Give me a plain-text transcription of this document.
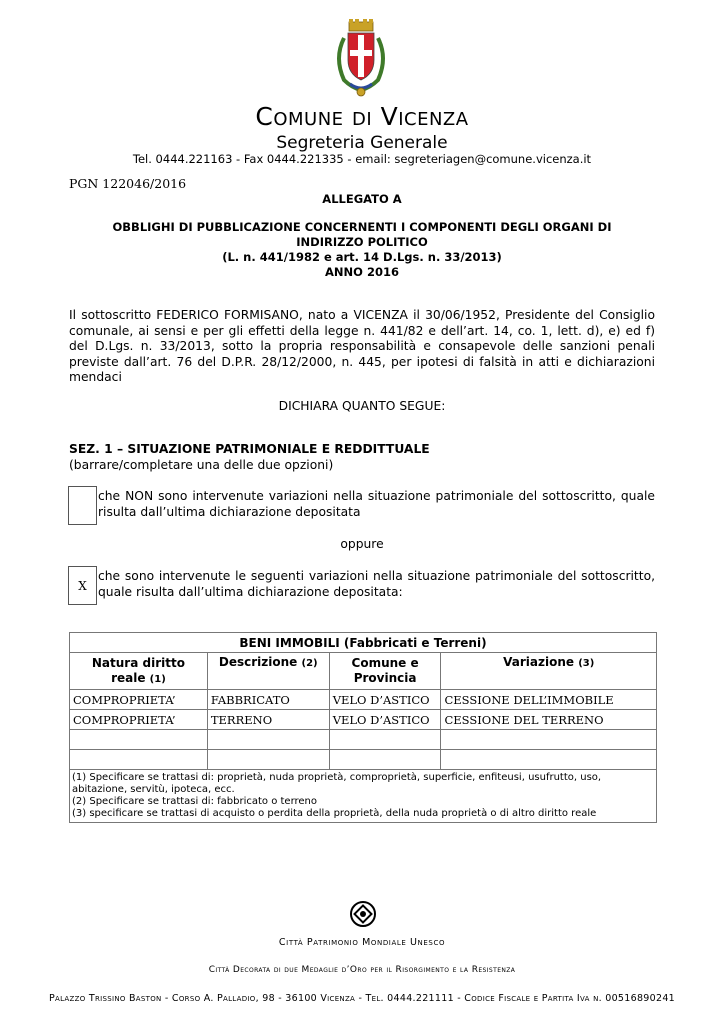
Comune di Vicenza
Segreteria Generale
Tel. 0444.221163 - Fax 0444.221335 - email: segreteriagen@comune.vicenza.it
PGN 122046/2016
ALLEGATO A
OBBLIGHI DI PUBBLICAZIONE CONCERNENTI I COMPONENTI DEGLI ORGANI DI
INDIRIZZO POLITICO
(L. n. 441/1982 e art. 14 D.Lgs. n. 33/2013)
ANNO 2016
Il sottoscritto FEDERICO FORMISANO, nato a VICENZA il 30/06/1952, Presidente del Consiglio comunale, ai sensi e per gli effetti della legge n. 441/82 e dell’art. 14, co. 1, lett. d), e) ed f) del D.Lgs. n. 33/2013, sotto la propria responsabilità e consapevole delle sanzioni penali previste dall’art. 76 del D.P.R. 28/12/2000, n. 445, per ipotesi di falsità in atti e dichiarazioni mendaci
DICHIARA QUANTO SEGUE:
SEZ. 1 – SITUAZIONE PATRIMONIALE E REDDITTUALE
(barrare/completare una delle due opzioni)
che NON sono intervenute variazioni nella situazione patrimoniale del sottoscritto, quale risulta dall’ultima dichiarazione depositata
oppure
X
che sono intervenute le seguenti variazioni nella situazione patrimoniale del sottoscritto, quale risulta dall’ultima dichiarazione depositata:
BENI IMMOBILI (Fabbricati e Terreni)			
Natura diritto reale (1)	Descrizione (2)	Comune e Provincia	Variazione (3)
COMPROPRIETA’	FABBRICATO	VELO D’ASTICO	CESSIONE DELL’IMMOBILE
COMPROPRIETA’	TERRENO	VELO D’ASTICO	CESSIONE DEL TERRENO

(1) Specificare se trattasi di: proprietà, nuda proprietà, comproprietà, superficie, enfiteusi, usufrutto, uso, abitazione, servitù, ipoteca, ecc.
(2) Specificare se trattasi di: fabbricato o terreno
(3) specificare se trattasi di acquisto o perdita della proprietà, della nuda proprietà o di altro diritto reale			
Città Patrimonio Mondiale Unesco
Città Decorata di due Medaglie d’Oro per il Risorgimento e la Resistenza
Palazzo Trissino Baston - Corso A. Palladio, 98 - 36100 Vicenza - Tel. 0444.221111 - Codice Fiscale e Partita Iva n. 00516890241
